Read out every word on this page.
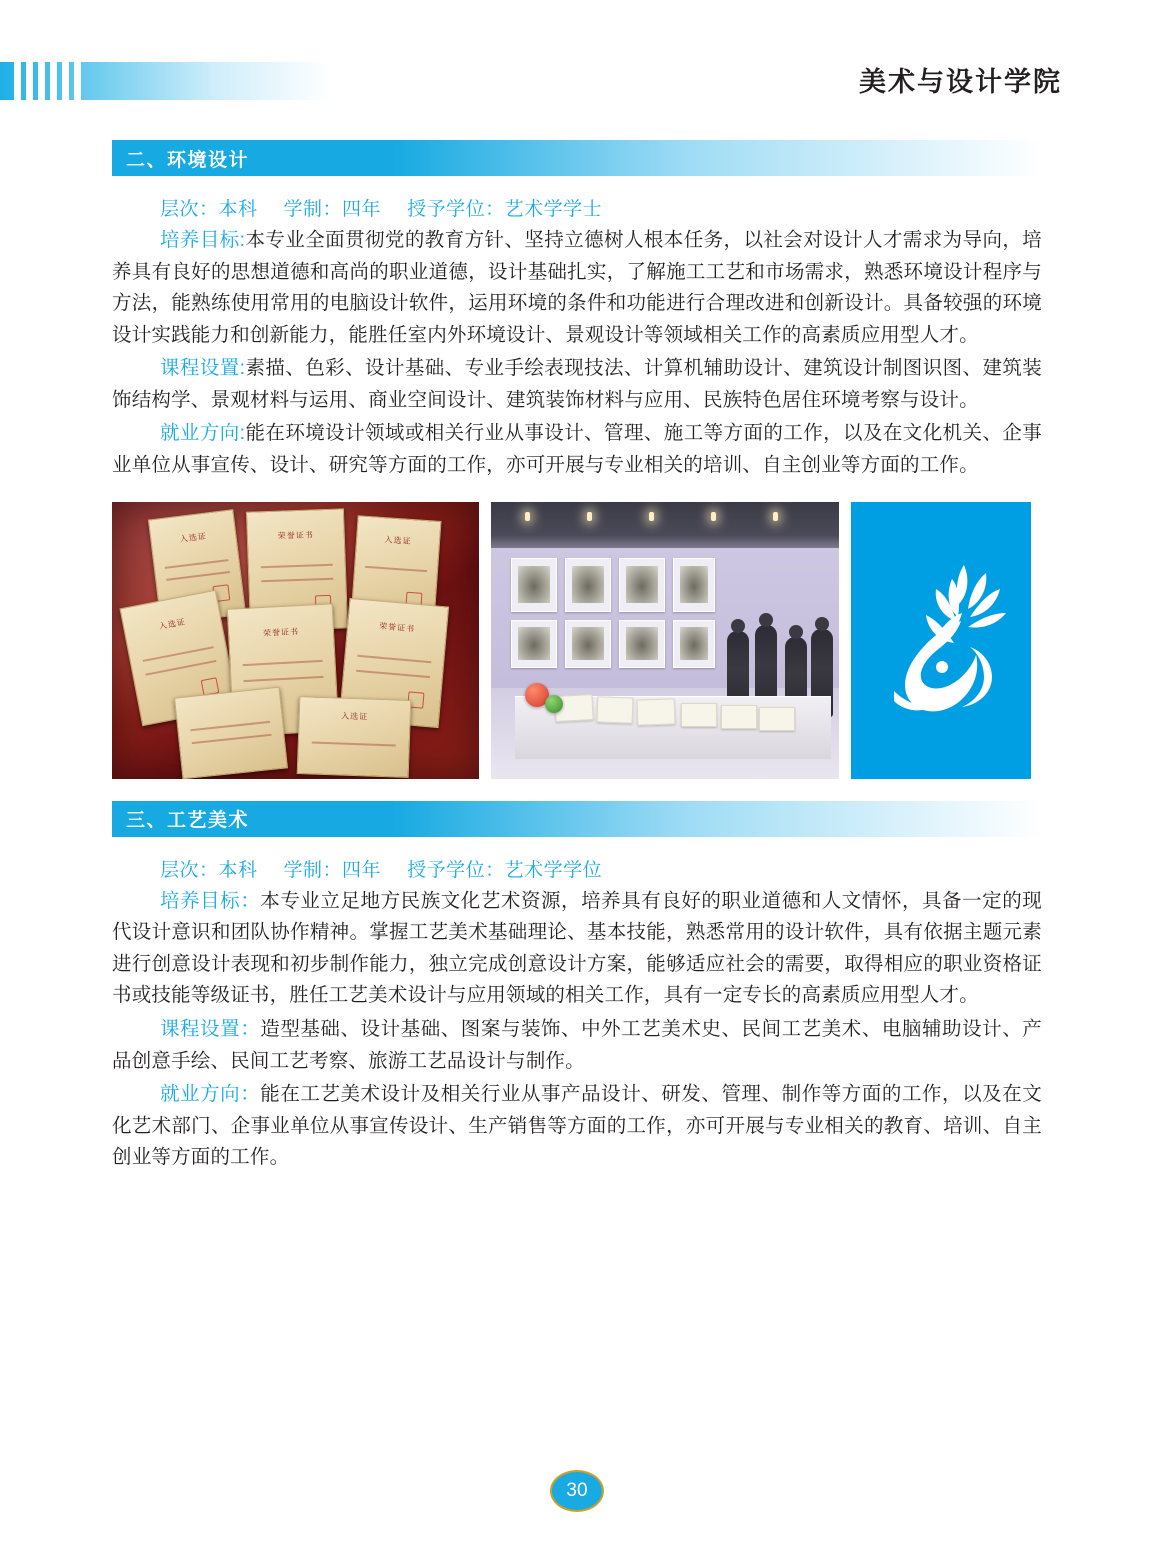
美术与设计学院
二、环境设计
层次：本科 学制：四年 授予学位：艺术学学士

培养目标:本专业全面贯彻党的教育方针、坚持立德树人根本任务，以社会对设计人才需求为导向，培养具有良好的思想道德和高尚的职业道德，设计基础扎实，了解施工工艺和市场需求，熟悉环境设计程序与方法，能熟练使用常用的电脑设计软件，运用环境的条件和功能进行合理改进和创新设计。具备较强的环境设计实践能力和创新能力，能胜任室内外环境设计、景观设计等领域相关工作的高素质应用型人才。

课程设置:素描、色彩、设计基础、专业手绘表现技法、计算机辅助设计、建筑设计制图识图、建筑装饰结构学、景观材料与运用、商业空间设计、建筑装饰材料与应用、民族特色居住环境考察与设计。

就业方向:能在环境设计领域或相关行业从事设计、管理、施工等方面的工作，以及在文化机关、企事业单位从事宣传、设计、研究等方面的工作，亦可开展与专业相关的培训、自主创业等方面的工作。

入选证	荣誉证书
入选证
入选证
荣誉证书	荣誉证书
入选证
三、工艺美术
层次：本科 学制：四年 授予学位：艺术学学位

培养目标：本专业立足地方民族文化艺术资源，培养具有良好的职业道德和人文情怀，具备一定的现代设计意识和团队协作精神。掌握工艺美术基础理论、基本技能，熟悉常用的设计软件，具有依据主题元素进行创意设计表现和初步制作能力，独立完成创意设计方案，能够适应社会的需要，取得相应的职业资格证书或技能等级证书，胜任工艺美术设计与应用领域的相关工作，具有一定专长的高素质应用型人才。

课程设置：造型基础、设计基础、图案与装饰、中外工艺美术史、民间工艺美术、电脑辅助设计、产品创意手绘、民间工艺考察、旅游工艺品设计与制作。

就业方向：能在工艺美术设计及相关行业从事产品设计、研发、管理、制作等方面的工作，以及在文化艺术部门、企事业单位从事宣传设计、生产销售等方面的工作，亦可开展与专业相关的教育、培训、自主创业等方面的工作。

30
